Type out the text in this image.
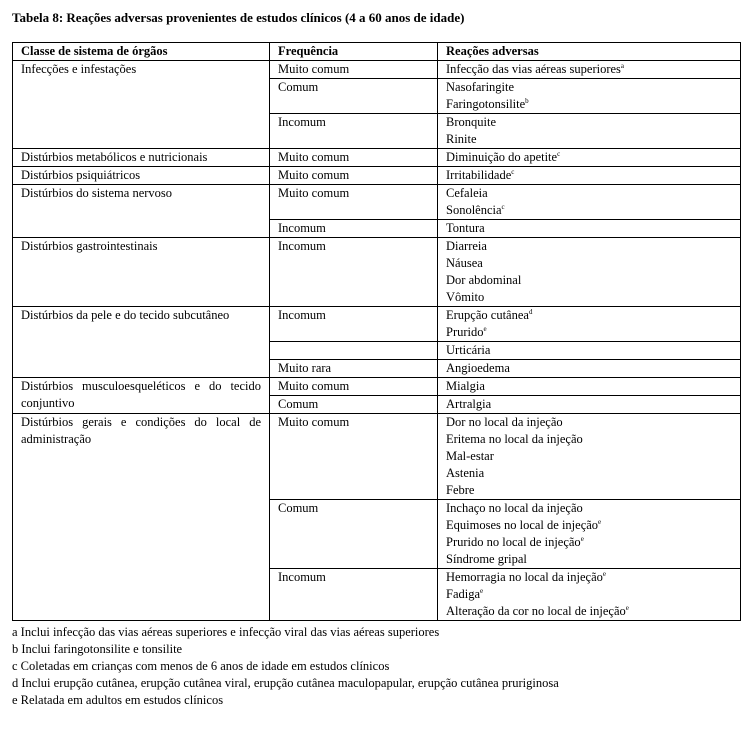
Tabela 8: Reações adversas provenientes de estudos clínicos (4 a 60 anos de idade)
Classe de sistema de órgãos	Frequência	Reações adversas
Infecções e infestações	Muito comum	Infecção das vias aéreas superiores$^a$

	Comum	Nasofaringite
Faringotonsilite$^b$

	Incomum	Bronquite
Rinite

Distúrbios metabólicos e nutricionais	Muito comum	Diminuição do apetite$^c$

Distúrbios psiquiátricos	Muito comum	Irritabilidade$^c$

Distúrbios do sistema nervoso	Muito comum	Cefaleia
Sonolência$^c$

	Incomum	Tontura

Distúrbios gastrointestinais	Incomum	Diarreia
Náusea
Dor abdominal
Vômito

Distúrbios da pele e do tecido subcutâneo	Incomum	Erupção cutânea$^d$
Prurido$^e$

		Urticária

	Muito rara	Angioedema

Distúrbios musculoesqueléticos e do tecido conjuntivo	Muito comum	Mialgia

	Comum	Artralgia

Distúrbios gerais e condições do local de administração	Muito comum	Dor no local da injeção
Eritema no local da injeção
Mal-estar
Astenia
Febre

	Comum	Inchaço no local da injeção
Equimoses no local de injeção$^e$
Prurido no local de injeção$^e$
Síndrome gripal

	Incomum	Hemorragia no local da injeção$^e$
Fadiga$^e$
Alteração da cor no local de injeção$^e$
a Inclui infecção das vias aéreas superiores e infecção viral das vias aéreas superiores
b Inclui faringotonsilite e tonsilite
c Coletadas em crianças com menos de 6 anos de idade em estudos clínicos
d Inclui erupção cutânea, erupção cutânea viral, erupção cutânea maculopapular, erupção cutânea pruriginosa
e Relatada em adultos em estudos clínicos
